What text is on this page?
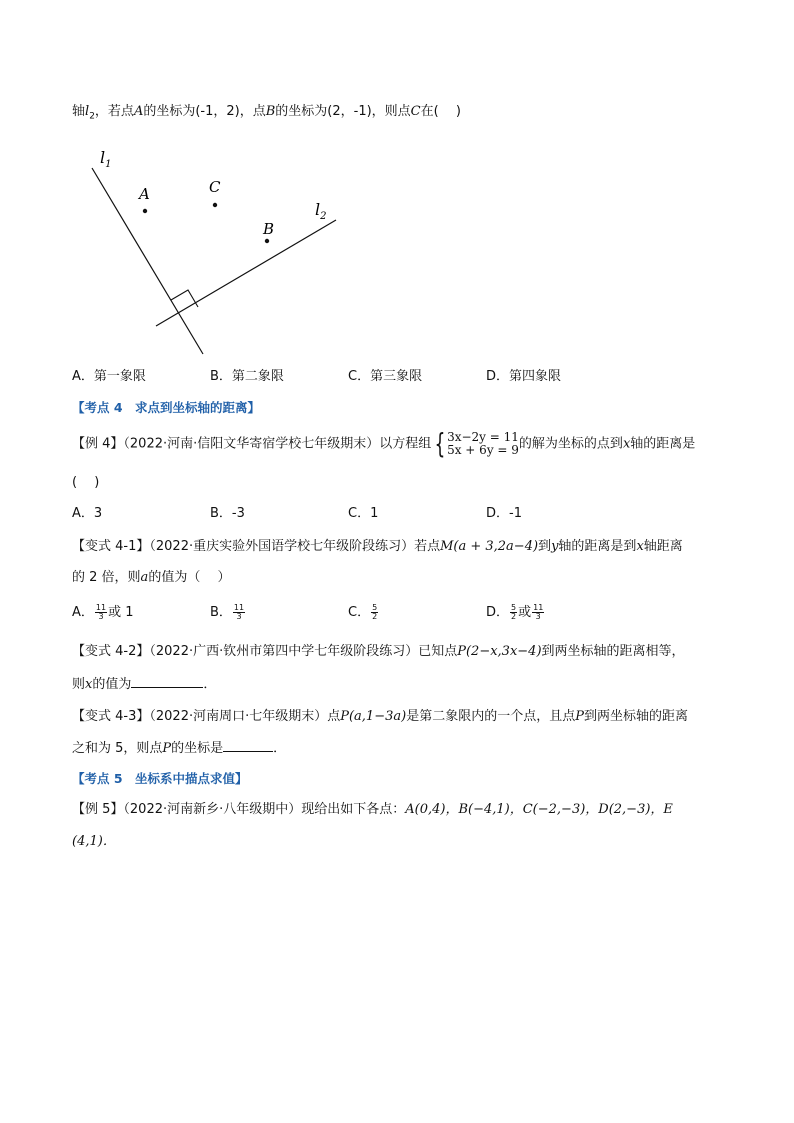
轴$l_2$，若点A的坐标为(-1，2)，点B的坐标为(2，-1)，则点C在(　 )
$l_1$
$l_2$
A	C
B
A．第一象限	B．第二象限	C．第三象限	D．第四象限
【考点 4　求点到坐标轴的距离】
【例 4】（2022·河南·信阳文华寄宿学校七年级期末）以方程组 { 3x−2y = 11
5x + 6y = 9 的解为坐标的点到x轴的距离是
(　 )
A．3	B．-3	C．1	D．-1
【变式 4-1】（2022·重庆实验外国语学校七年级阶段练习）若点M(a + 3,2a−4)到y轴的距离是到x轴距离
的 2 倍，则a的值为（　 ）
A． $\frac{11}{3}$ 或 1	B． $\frac{11}{3}$	C． $\frac{5}{2}$	D． $\frac{5}{2}$ 或 $\frac{11}{3}$
【变式 4-2】（2022·广西·钦州市第四中学七年级阶段练习）已知点P(2−x,3x−4)到两坐标轴的距离相等，
则x的值为	．
【变式 4-3】（2022·河南周口·七年级期末）点P(a,1−3a)是第二象限内的一个点，且点P到两坐标轴的距离
之和为 5，则点P的坐标是	．
【考点 5　坐标系中描点求值】
【例 5】（2022·河南新乡·八年级期中）现给出如下各点：A(0,4)，B(−4,1)，C(−2,−3)，D(2,−3)，E
(4,1)．
